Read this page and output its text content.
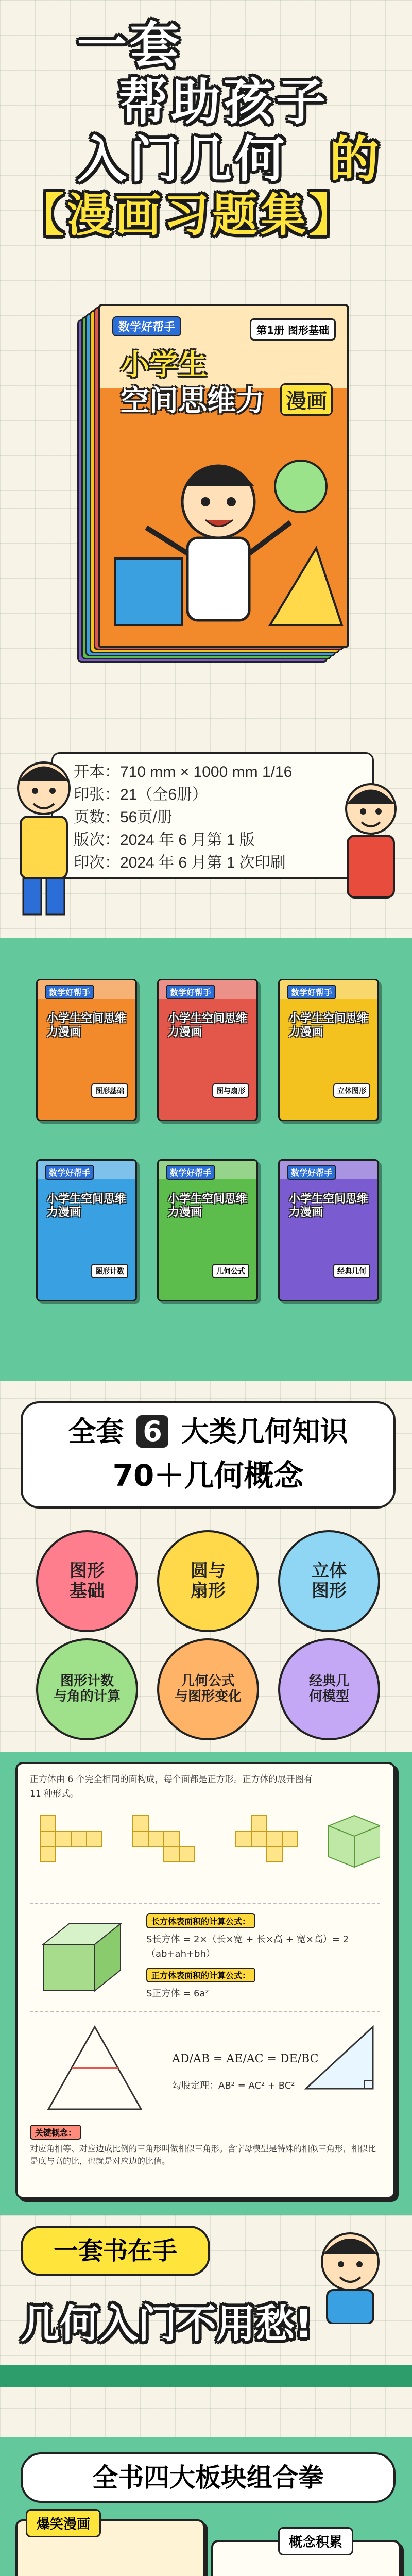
一套
帮助孩子
入门几何 的
【漫画习题集】
数学好帮手
小学生
空间思维力 漫画
第1册 图形基础
开本：710 mm × 1000 mm 1/16
印张：21（全6册）
页数：56页/册
版次：2024 年 6 月第 1 版
印次：2024 年 6 月第 1 次印刷
数学好帮手
小学生空间思维力漫画
图形基础
数学好帮手
小学生空间思维力漫画
图与扇形
数学好帮手
小学生空间思维力漫画
立体图形
数学好帮手
小学生空间思维力漫画
图形计数
数学好帮手
小学生空间思维力漫画
几何公式
数学好帮手
小学生空间思维力漫画
经典几何
全套 6 大类几何知识
70＋几何概念
图形
基础
圆与
扇形
立体
图形
图形计数
与角的计算
几何公式
与图形变化
经典几
何模型
正方体由 6 个完全相同的面构成，每个面都是正方形。正方体的展开图有 11 种形式。
长方体表面积的计算公式：
S长方体 = 2×（长×宽 + 长×高 + 宽×高）= 2（ab+ah+bh）
正方体表面积的计算公式：
S正方体 = 6a²
AD/AB = AE/AC = DE/BC
勾股定理：AB² = AC² + BC²
关键概念：
对应角相等、对应边成比例的三角形叫做相似三角形。含字母模型是特殊的相似三角形，相似比是底与高的比，也就是对应边的比值。
一套书在手
几何入门不用愁!
全书四大板块组合拳
爆笑漫画
概念积累
